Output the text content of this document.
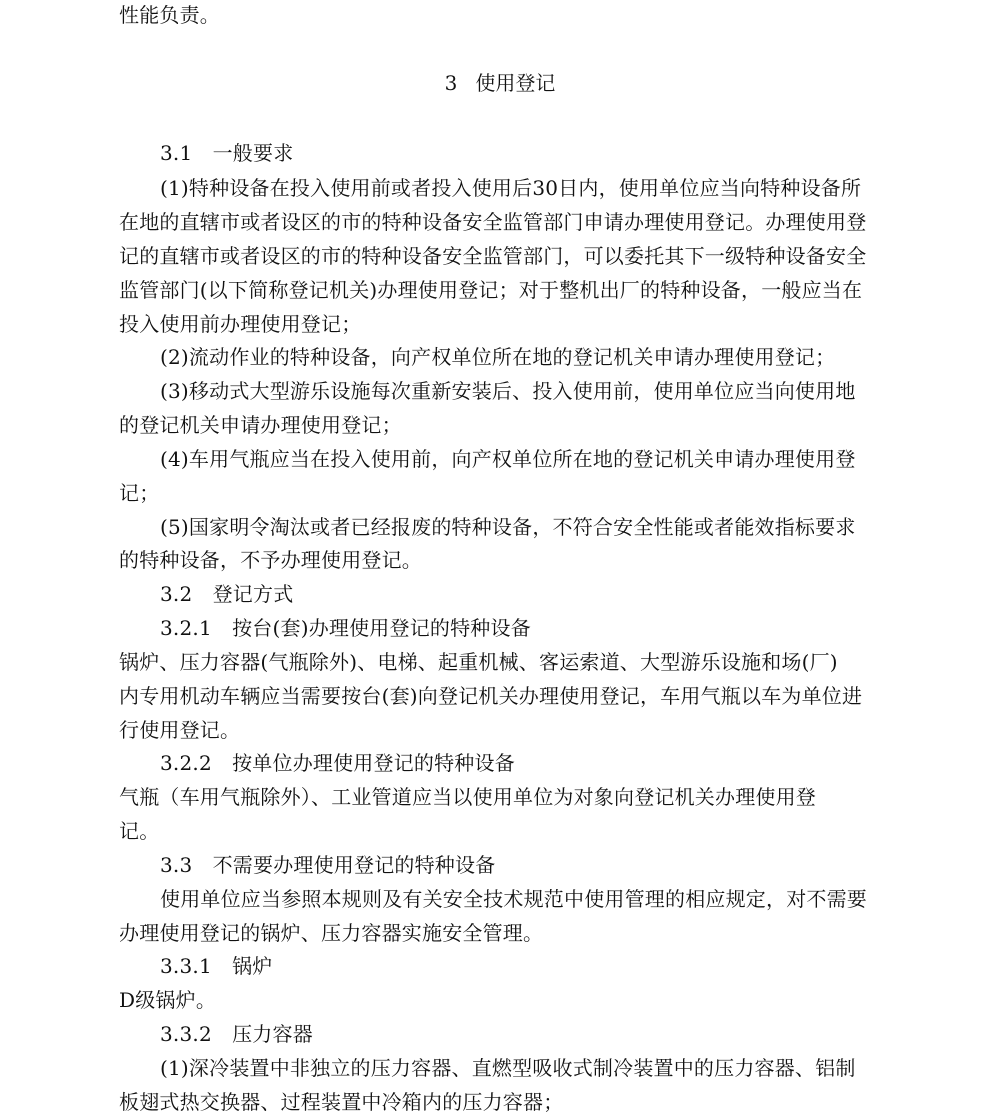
性能负责。
3 使用登记
3.1　一般要求
(1)特种设备在投入使用前或者投入使用后30日内，使用单位应当向特种设备所
在地的直辖市或者设区的市的特种设备安全监管部门申请办理使用登记。办理使用登
记的直辖市或者设区的市的特种设备安全监管部门，可以委托其下一级特种设备安全
监管部门(以下简称登记机关)办理使用登记；对于整机出厂的特种设备，一般应当在
投入使用前办理使用登记；
(2)流动作业的特种设备，向产权单位所在地的登记机关申请办理使用登记；
(3)移动式大型游乐设施每次重新安装后、投入使用前，使用单位应当向使用地
的登记机关申请办理使用登记；
(4)车用气瓶应当在投入使用前，向产权单位所在地的登记机关申请办理使用登
记；
(5)国家明令淘汰或者已经报废的特种设备，不符合安全性能或者能效指标要求
的特种设备，不予办理使用登记。
3.2　登记方式
3.2.1　按台(套)办理使用登记的特种设备
锅炉、压力容器(气瓶除外)、电梯、起重机械、客运索道、大型游乐设施和场(厂)
内专用机动车辆应当需要按台(套)向登记机关办理使用登记，车用气瓶以车为单位进
行使用登记。
3.2.2　按单位办理使用登记的特种设备
气瓶（车用气瓶除外）、工业管道应当以使用单位为对象向登记机关办理使用登
记。
3.3　不需要办理使用登记的特种设备
使用单位应当参照本规则及有关安全技术规范中使用管理的相应规定，对不需要
办理使用登记的锅炉、压力容器实施安全管理。
3.3.1　锅炉
D级锅炉。
3.3.2　压力容器
(1)深冷装置中非独立的压力容器、直燃型吸收式制冷装置中的压力容器、铝制
板翅式热交换器、过程装置中冷箱内的压力容器；
